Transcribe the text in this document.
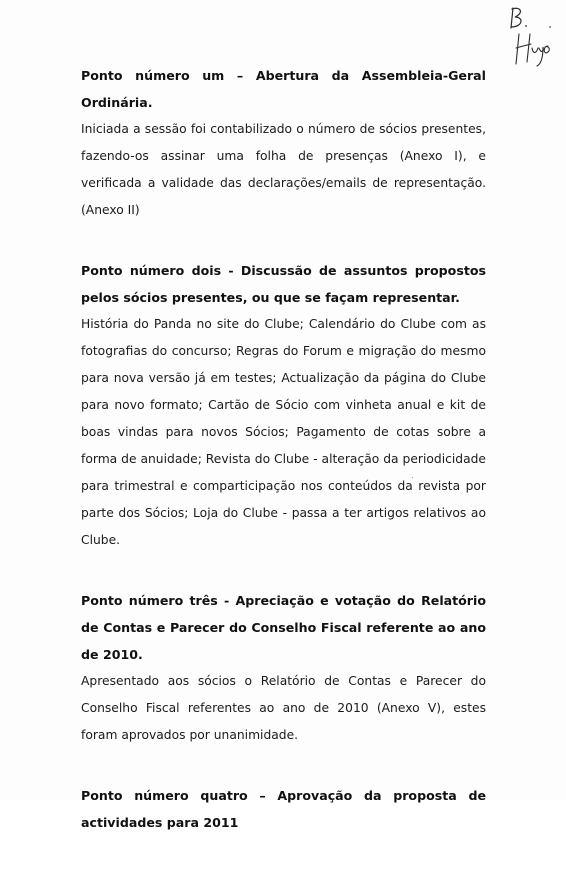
Ponto número um – Abertura da Assembleia-Geral Ordinária.

Iniciada a sessão foi contabilizado o número de sócios presentes, fazendo-os assinar uma folha de presenças (Anexo I), e verificada a validade das declarações/emails de representação. (Anexo II)

Ponto número dois - Discussão de assuntos propostos pelos sócios presentes, ou que se façam representar.

História do Panda no site do Clube; Calendário do Clube com as fotografias do concurso; Regras do Forum e migração do mesmo para nova versão já em testes; Actualização da página do Clube para novo formato; Cartão de Sócio com vinheta anual e kit de boas vindas para novos Sócios; Pagamento de cotas sobre a forma de anuidade; Revista do Clube - alteração da periodicidade para trimestral e comparticipação nos conteúdos da revista por parte dos Sócios; Loja do Clube - passa a ter artigos relativos ao Clube.

Ponto número três - Apreciação e votação do Relatório de Contas e Parecer do Conselho Fiscal referente ao ano de 2010.

Apresentado aos sócios o Relatório de Contas e Parecer do Conselho Fiscal referentes ao ano de 2010 (Anexo V), estes foram aprovados por unanimidade.

Ponto número quatro – Aprovação da proposta de actividades para 2011
